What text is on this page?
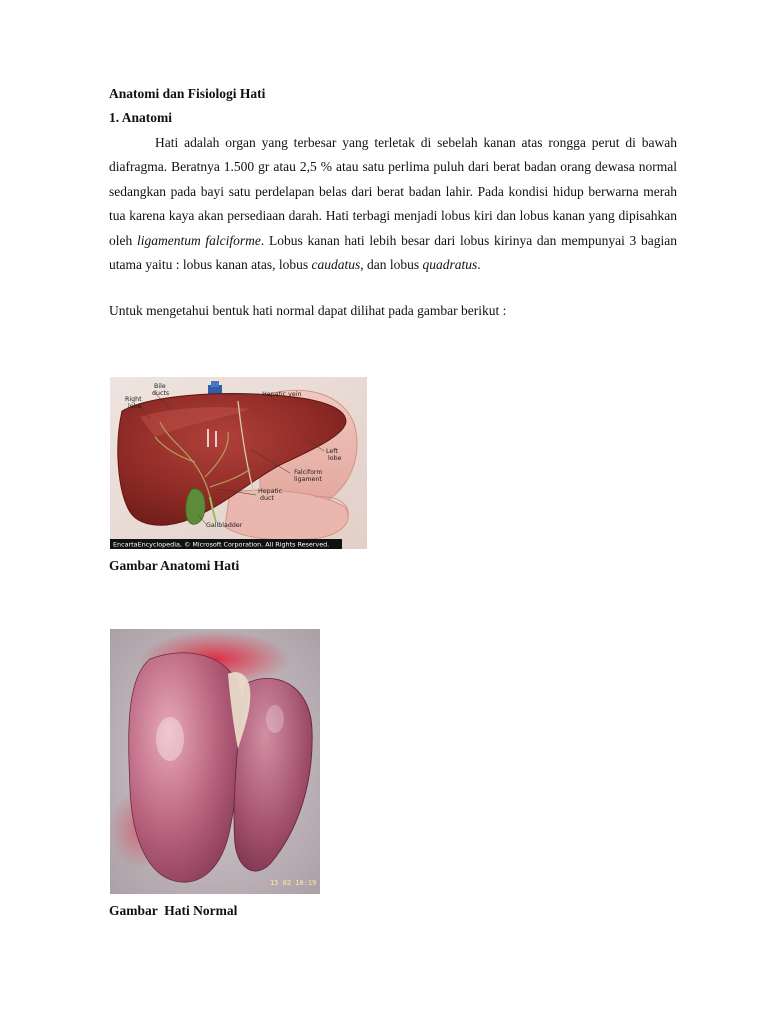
Anatomi dan Fisiologi Hati
1. Anatomi

Hati adalah organ yang terbesar yang terletak di sebelah kanan atas rongga perut di bawah diafragma. Beratnya 1.500 gr atau 2,5 % atau satu perlima puluh dari berat badan orang dewasa normal sedangkan pada bayi satu perdelapan belas dari berat badan lahir. Pada kondisi hidup berwarna merah tua karena kaya akan persediaan darah. Hati terbagi menjadi lobus kiri dan lobus kanan yang dipisahkan oleh ligamentum falciforme. Lobus kanan hati lebih besar dari lobus kirinya dan mempunyai 3 bagian utama yaitu : lobus kanan atas, lobus caudatus, dan lobus quadratus.

Untuk mengetahui bentuk hati normal dapat dilihat pada gambar berikut :
Bile
ducts
Right
lobe
Hepatic vein
Left
lobe
Falciform
ligament
Hepatic
duct
Gallbladder
EncartaEncyclopedia, © Microsoft Corporation. All Rights Reserved.
Gambar Anatomi Hati
15 02 10:19
Gambar  Hati Normal
